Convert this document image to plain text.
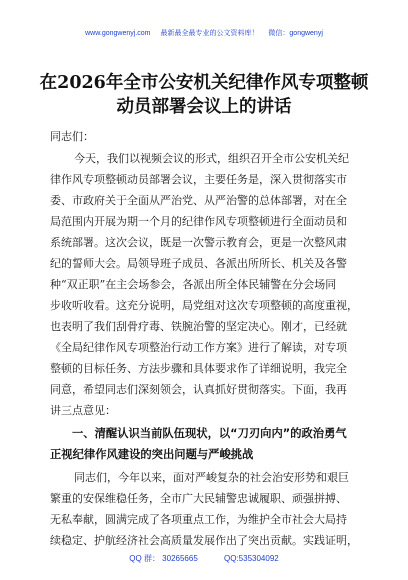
www.gongwenyj.com 最新最全最专业的公文资料库！ 微信：gongwenyj
在2026年全市公安机关纪律作风专项整顿
动员部署会议上的讲话
同志们：
今天，我们以视频会议的形式，组织召开全市公安机关纪
律作风专项整顿动员部署会议，主要任务是，深入贯彻落实市
委、市政府关于全面从严治党、从严治警的总体部署，对在全
局范围内开展为期一个月的纪律作风专项整顿进行全面动员和
系统部署。这次会议，既是一次警示教育会，更是一次整风肃
纪的誓师大会。局领导班子成员、各派出所所长、机关及各警
种“双正职”在主会场参会，各派出所全体民辅警在分会场同
步收听收看。这充分说明，局党组对这次专项整顿的高度重视，
也表明了我们刮骨疗毒、铁腕治警的坚定决心。刚才，已经就
《全局纪律作风专项整治行动工作方案》进行了解读，对专项
整顿的目标任务、方法步骤和具体要求作了详细说明，我完全
同意，希望同志们深刻领会，认真抓好贯彻落实。下面，我再
讲三点意见：
一、清醒认识当前队伍现状，以“刀刃向内”的政治勇气
正视纪律作风建设的突出问题与严峻挑战
同志们，今年以来，面对严峻复杂的社会治安形势和艰巨
繁重的安保维稳任务，全市广大民辅警忠诚履职、顽强拼搏、
无私奉献，圆满完成了各项重点工作，为维护全市社会大局持
续稳定、护航经济社会高质量发展作出了突出贡献。实践证明，
QQ 群： 30265665	QQ:535304092
